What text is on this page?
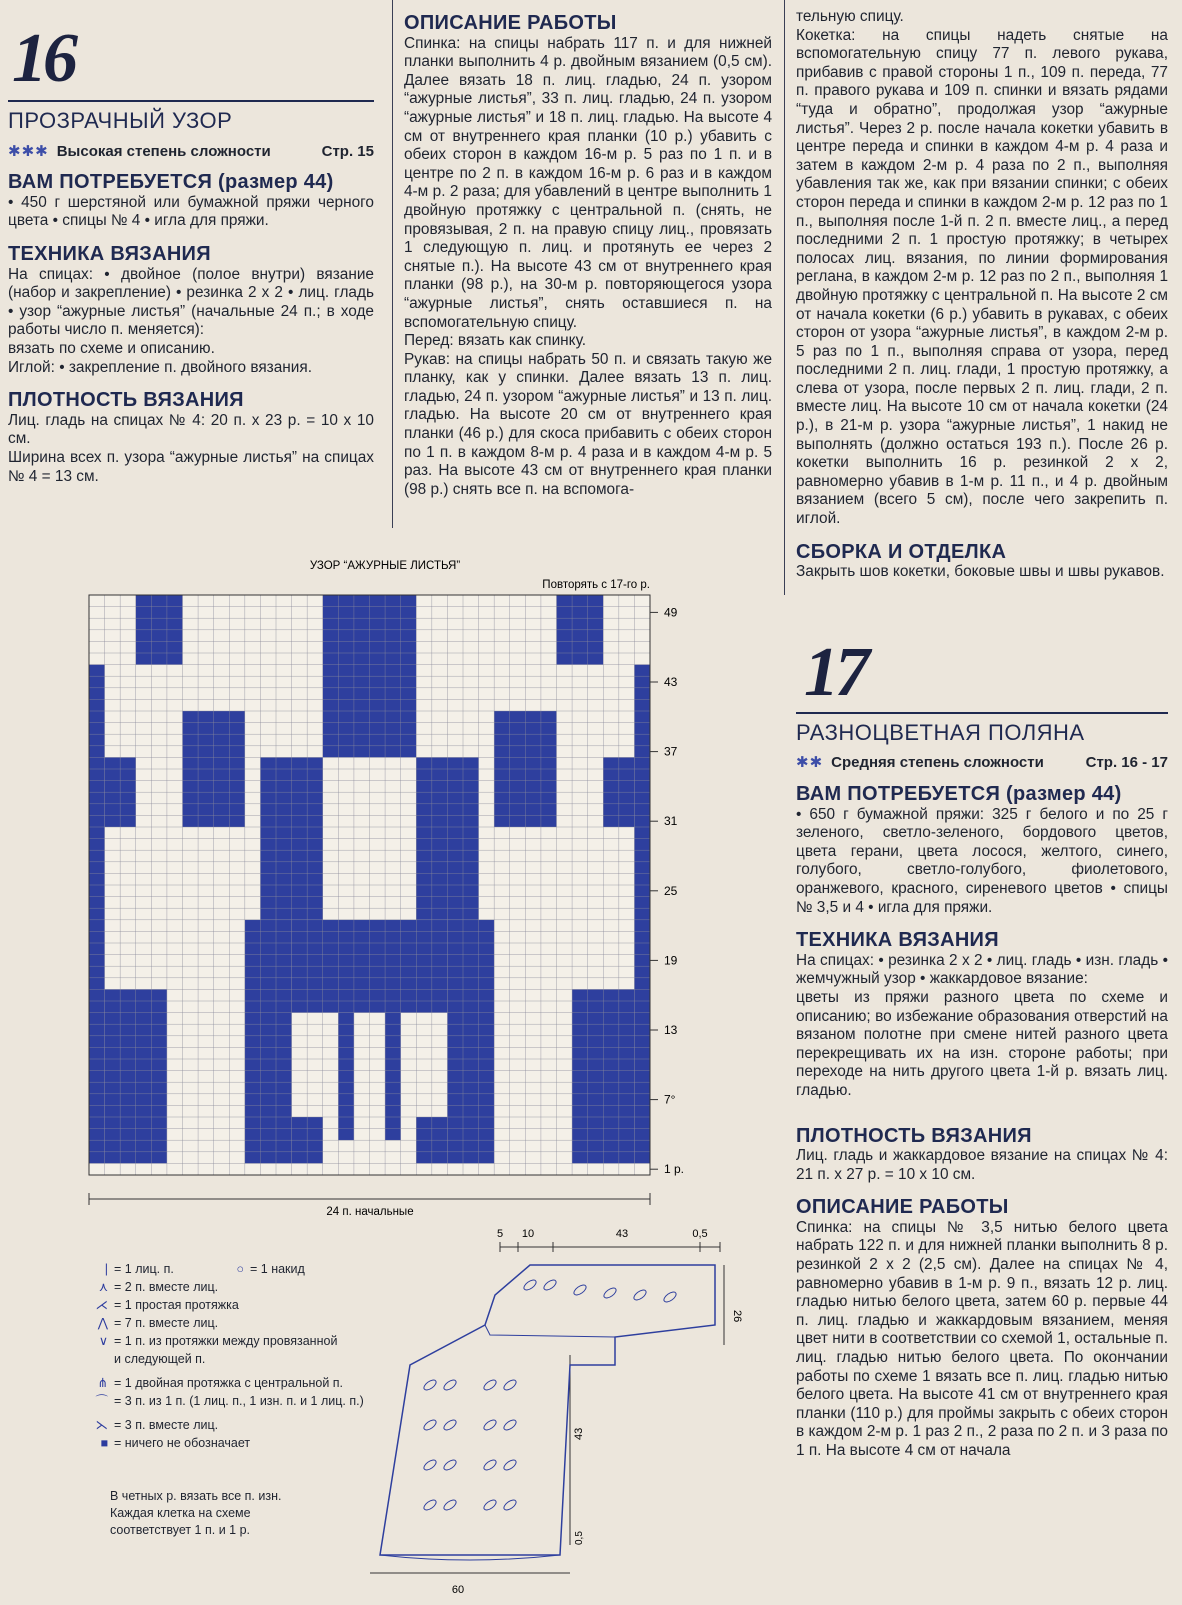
16
ПРОЗРАЧНЫЙ УЗОР
✱✱✱ Высокая степень сложности	Стр. 15
ВАМ ПОТРЕБУЕТСЯ (размер 44)

• 450 г шерстяной или бумажной пряжи черного цвета • спицы № 4 • игла для пряжи.

ТЕХНИКА ВЯЗАНИЯ

На спицах: • двойное (полое внутри) вязание (набор и закрепление) • резинка 2 х 2 • лиц. гладь • узор “ажурные листья” (начальные 24 п.; в ходе работы число п. меняется):

вязать по схеме и описанию.

Иглой: • закрепление п. двойного вязания.

ПЛОТНОСТЬ ВЯЗАНИЯ

Лиц. гладь на спицах № 4: 20 п. х 23 р. = 10 х 10 см.

Ширина всех п. узора “ажурные листья” на спицах № 4 = 13 см.

ОПИСАНИЕ РАБОТЫ

Спинка: на спицы набрать 117 п. и для нижней планки выполнить 4 р. двойным вязанием (0,5 см). Далее вязать 18 п. лиц. гладью, 24 п. узором “ажурные листья”, 33 п. лиц. гладью, 24 п. узором “ажурные листья” и 18 п. лиц. гладью. На высоте 4 см от внутреннего края планки (10 р.) убавить с обеих сторон в каждом 16-м р. 5 раз по 1 п. и в центре по 2 п. в каждом 16-м р. 6 раз и в каждом 4-м р. 2 раза; для убавлений в центре выполнить 1 двойную протяжку с центральной п. (снять, не провязывая, 2 п. на правую спицу лиц., провязать 1 следующую п. лиц. и протянуть ее через 2 снятые п.). На высоте 43 см от внутреннего края планки (98 р.), на 30-м р. повторяющегося узора “ажурные листья”, снять оставшиеся п. на вспомогательную спицу.

Перед: вязать как спинку.

Рукав: на спицы набрать 50 п. и связать такую же планку, как у спинки. Далее вязать 13 п. лиц. гладью, 24 п. узором “ажурные листья” и 13 п. лиц. гладью. На высоте 20 см от внутреннего края планки (46 р.) для скоса прибавить с обеих сторон по 1 п. в каждом 8-м р. 4 раза и в каждом 4-м р. 5 раз. На высоте 43 см от внутреннего края планки (98 р.) снять все п. на вспомога-

тельную спицу.

Кокетка: на спицы надеть снятые на вспомогательную спицу 77 п. левого рукава, прибавив с правой стороны 1 п., 109 п. переда, 77 п. правого рукава и 109 п. спинки и вязать рядами “туда и обратно”, продолжая узор “ажурные листья”. Через 2 р. после начала кокетки убавить в центре переда и спинки в каждом 4-м р. 4 раза и затем в каждом 2-м р. 4 раза по 2 п., выполняя убавления так же, как при вязании спинки; с обеих сторон переда и спинки в каждом 2-м р. 12 раз по 1 п., выполняя после 1-й п. 2 п. вместе лиц., а перед последними 2 п. 1 простую протяжку; в четырех полосах лиц. вязания, по линии формирования реглана, в каждом 2-м р. 12 раз по 2 п., выполняя 1 двойную протяжку с центральной п. На высоте 2 см от начала кокетки (6 р.) убавить в рукавах, с обеих сторон от узора “ажурные листья”, в каждом 2-м р. 5 раз по 1 п., выполняя справа от узора, перед последними 2 п. лиц. глади, 1 простую протяжку, а слева от узора, после первых 2 п. лиц. глади, 2 п. вместе лиц. На высоте 10 см от начала кокетки (24 р.), в 21-м р. узора “ажурные листья”, 1 накид не выполнять (должно остаться 193 п.). После 26 р. кокетки выполнить 16 р. резинкой 2 х 2, равномерно убавив в 1-м р. 11 п., и 4 р. двойным вязанием (всего 5 см), после чего закрепить п. иглой.

СБОРКА И ОТДЕЛКА

Закрыть шов кокетки, боковые швы и швы рукавов.

17
РАЗНОЦВЕТНАЯ ПОЛЯНА
✱✱ Средняя степень сложности	Стр. 16 - 17
ВАМ ПОТРЕБУЕТСЯ (размер 44)

• 650 г бумажной пряжи: 325 г белого и по 25 г зеленого, светло-зеленого, бордового цветов, цвета герани, цвета лосося, желтого, синего, голубого, светло-голубого, фиолетового, оранжевого, красного, сиреневого цветов • спицы № 3,5 и 4 • игла для пряжи.

ТЕХНИКА ВЯЗАНИЯ

На спицах: • резинка 2 х 2 • лиц. гладь • изн. гладь • жемчужный узор • жаккардовое вязание:

цветы из пряжи разного цвета по схеме и описанию; во избежание образования отверстий на вязаном полотне при смене нитей разного цвета перекрещивать их на изн. стороне работы; при переходе на нить другого цвета 1-й р. вязать лиц. гладью.

ПЛОТНОСТЬ ВЯЗАНИЯ

Лиц. гладь и жаккардовое вязание на спицах № 4: 21 п. х 27 р. = 10 х 10 см.

ОПИСАНИЕ РАБОТЫ

Спинка: на спицы № 3,5 нитью белого цвета набрать 122 п. и для нижней планки выполнить 8 р. резинкой 2 х 2 (2,5 см). Далее на спицах № 4, равномерно убавив в 1-м р. 9 п., вязать 12 р. лиц. гладью нитью белого цвета, затем 60 р. первые 44 п. лиц. гладью и жаккардовым вязанием, меняя цвет нити в соответствии со схемой 1, остальные п. лиц. гладью нитью белого цвета. По окончании работы по схеме 1 вязать все п. лиц. гладью нитью белого цвета. На высоте 41 см от внутреннего края планки (110 р.) для проймы закрыть с обеих сторон в каждом 2-м р. 1 раз 2 п., 2 раза по 2 п. и 3 раза по 1 п. На высоте 4 см от начала

УЗОР “АЖУРНЫЕ ЛИСТЬЯ”
Повторять с 17-го р.
49
43
37
31
25
19
13
7°
1 р.
24 п. начальные
| = 1 лиц. п.	○ = 1 накид
⋏ = 2 п. вместе лиц.
⋌ = 1 простая протяжка
⋀ = 7 п. вместе лиц.
∨ = 1 п. из протяжки между провязанной и следующей п.
⋔ = 1 двойная протяжка с центральной п.
⌒ = 3 п. из 1 п. (1 лиц. п., 1 изн. п. и 1 лиц. п.)
⋋ = 3 п. вместе лиц.
■ = ничего не обозначает
В четных р. вязать все п. изн. Каждая клетка на схеме соответствует 1 п. и 1 р.
5 10	43	0,5
26
43
0,5
60
